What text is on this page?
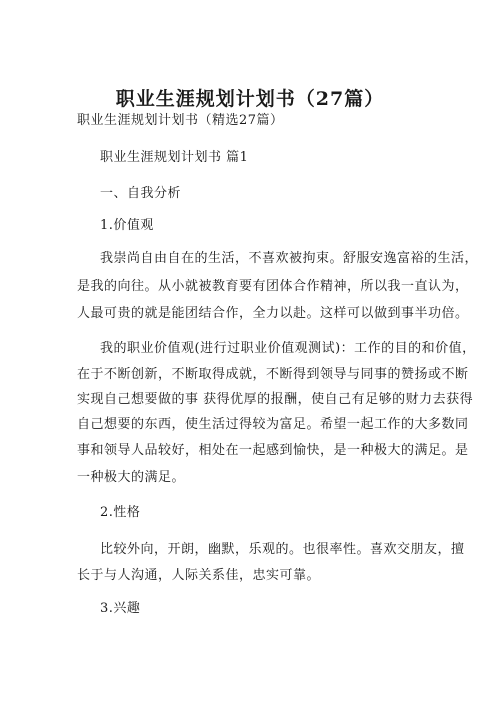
职业生涯规划计划书（27篇）
职业生涯规划计划书（精选27篇）
职业生涯规划计划书 篇1
一、自我分析
1.价值观
我崇尚自由自在的生活，不喜欢被拘束。舒服安逸富裕的生活，
是我的向往。从小就被教育要有团体合作精神，所以我一直认为，
人最可贵的就是能团结合作，全力以赴。这样可以做到事半功倍。
我的职业价值观(进行过职业价值观测试)：工作的目的和价值，
在于不断创新，不断取得成就，不断得到领导与同事的赞扬或不断
实现自己想要做的事 获得优厚的报酬，使自己有足够的财力去获得
自己想要的东西，使生活过得较为富足。希望一起工作的大多数同
事和领导人品较好，相处在一起感到愉快，是一种极大的满足。是
一种极大的满足。
2.性格
比较外向，开朗，幽默，乐观的。也很率性。喜欢交朋友，擅
长于与人沟通，人际关系佳，忠实可靠。
3.兴趣
